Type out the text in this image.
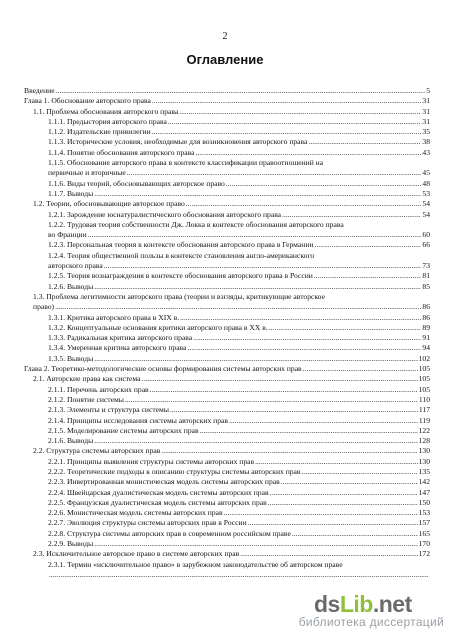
2
Оглавление
Введение .....	5
Глава 1. Обоснование авторского права .....	31
1.1. Проблема обоснования авторского права .....	31
1.1.1. Предыстория авторского права .....	31
1.1.2. Издательские привилегии .....	35
1.1.3. Исторические условия, необходимые для возникновения авторского права .....	38
1.1.4. Понятие обоснования авторского права .....	43
1.1.5. Обоснование авторского права в контексте классификации правоотношений на
первичные и вторичные .....	45
1.1.6. Виды теорий, обосновывающих авторское право .....	48
1.1.7. Выводы .....	53
1.2. Теории, обосновывающие авторское право .....	54
1.2.1. Зарождение юснатуралистического обоснования авторского права .....	54
1.2.2. Трудовая теория собственности Дж. Локка в контексте обоснования авторского права
во Франции .....	60
1.2.3. Персональная теория в контексте обоснования авторского права в Германии .....	66
1.2.4. Теория общественной пользы в контексте становления англо-американского
авторского права .....	73
1.2.5. Теория вознаграждения в контексте обоснования авторского права в России .....	81
1.2.6. Выводы .....	85
1.3. Проблема легитимности авторского права (теории и взгляды, критикующие авторское
право) .....	86
1.3.1. Критика авторского права в XIX в. .....	86
1.3.2. Концептуальные основания критики авторского права в XX в. .....	89
1.3.3. Радикальная критика авторского права .....	91
1.3.4. Умеренная критика авторского права .....	94
1.3.5. Выводы .....	102
Глава 2. Теоретико-методологические основы формирования системы авторских прав .....	105
2.1. Авторские права как система .....	105
2.1.1. Перечень авторских прав .....	105
2.1.2. Понятие системы .....	110
2.1.3. Элементы и структура системы .....	117
2.1.4. Принципы исследования системы авторских прав .....	119
2.1.5. Моделирование системы авторских прав .....	122
2.1.6. Выводы .....	128
2.2. Структура системы авторских прав .....	130
2.2.1. Принципы выявления структуры системы авторских прав .....	130
2.2.2. Теоретические подходы к описанию структуры системы авторских прав .....	135
2.2.3. Инвертированная монистическая модель системы авторских прав .....	142
2.2.4. Швейцарская дуалистическая модель системы авторских прав .....	147
2.2.5. Французская дуалистическая модель системы авторских прав .....	150
2.2.6. Монистическая модель системы авторских прав .....	153
2.2.7. Эволюция структуры системы авторских прав в России .....	157
2.2.8. Структура системы авторских прав в современном российском праве .....	165
2.2.9. Выводы .....	170
2.3. Исключительное авторское право в системе авторских прав .....	172
2.3.1. Термин «исключительное право» в зарубежном законодательстве об авторском праве
.....
dsLib.net
библиотека диссертаций
